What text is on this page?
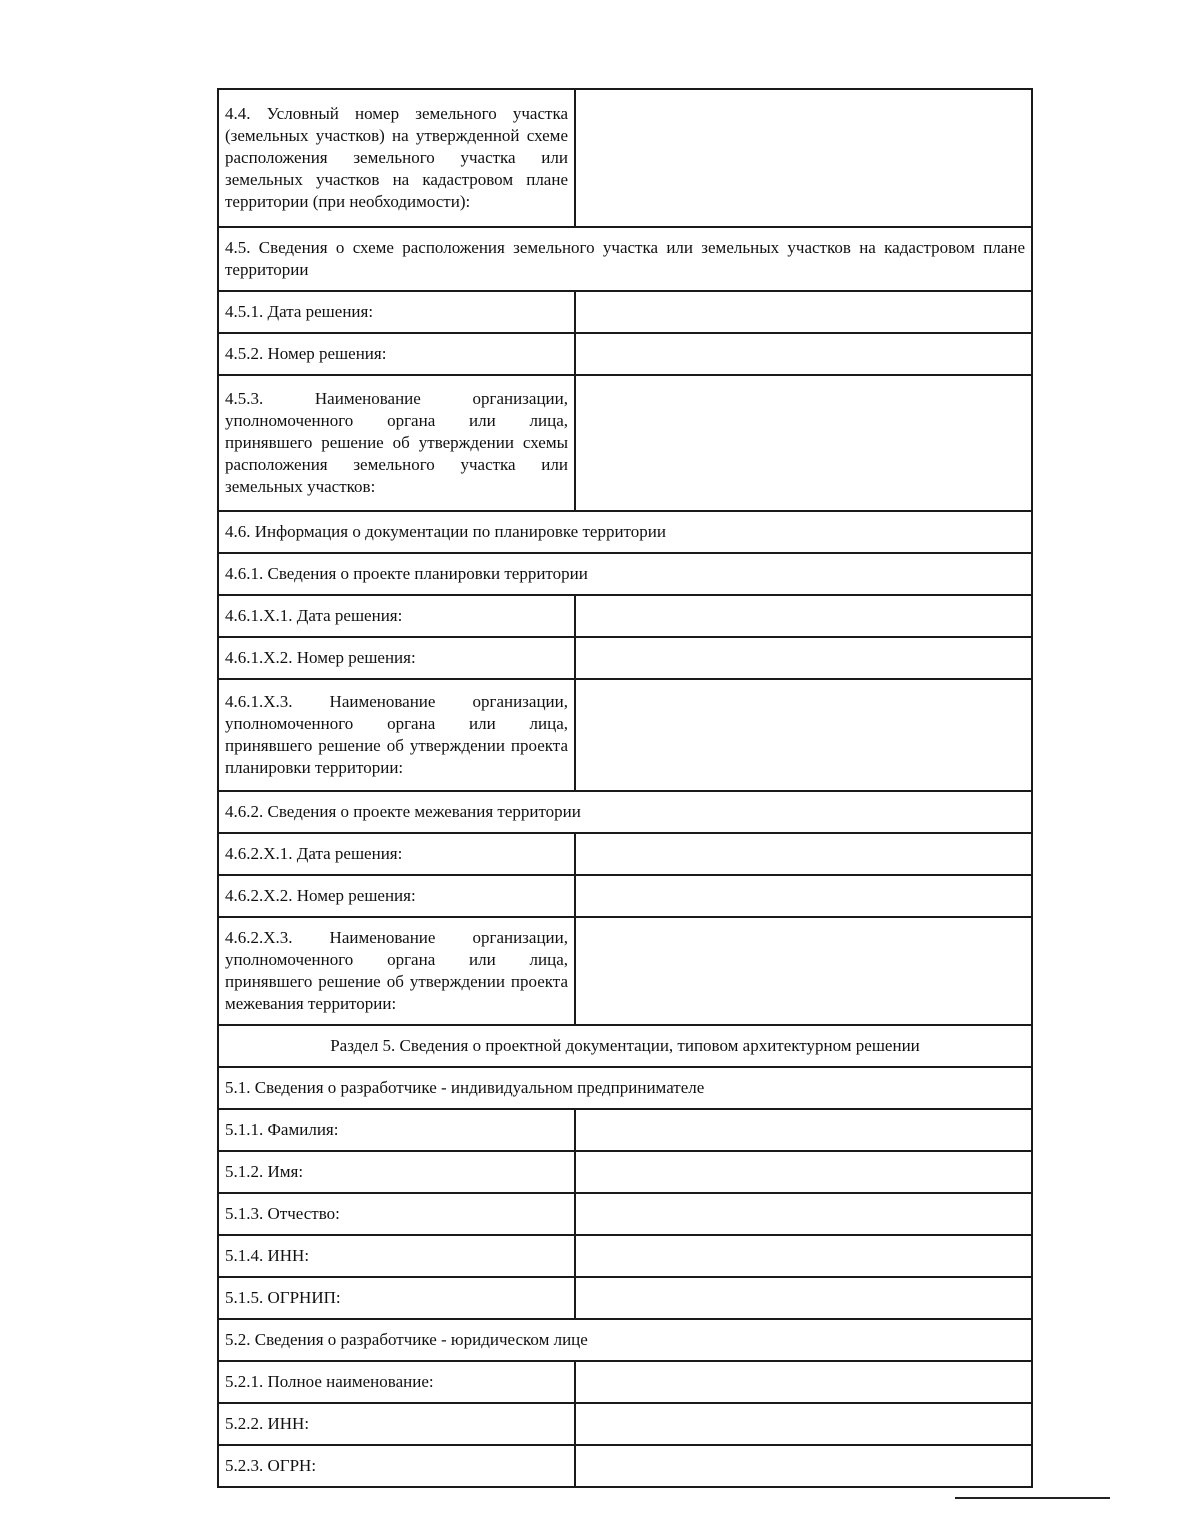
4.4. Условный номер земельного участка (земельных участков) на утвержденной схеме расположения земельного участка или земельных участков на кадастровом плане территории (при необходимости):	
4.5. Сведения о схеме расположения земельного участка или земельных участков на кадастровом плане территории	
4.5.1. Дата решения:	
4.5.2. Номер решения:	
4.5.3. Наименование организации, уполномоченного органа или лица, принявшего решение об утверждении схемы расположения земельного участка или земельных участков:	
4.6. Информация о документации по планировке территории	
4.6.1. Сведения о проекте планировки территории	
4.6.1.X.1. Дата решения:	
4.6.1.X.2. Номер решения:	
4.6.1.X.3. Наименование организации, уполномоченного органа или лица, принявшего решение об утверждении проекта планировки территории:	
4.6.2. Сведения о проекте межевания территории	
4.6.2.X.1. Дата решения:	
4.6.2.X.2. Номер решения:	
4.6.2.X.3. Наименование организации, уполномоченного органа или лица, принявшего решение об утверждении проекта межевания территории:	
Раздел 5. Сведения о проектной документации, типовом архитектурном решении	
5.1. Сведения о разработчике - индивидуальном предпринимателе	
5.1.1. Фамилия:	
5.1.2. Имя:	
5.1.3. Отчество:	
5.1.4. ИНН:	
5.1.5. ОГРНИП:	
5.2. Сведения о разработчике - юридическом лице	
5.2.1. Полное наименование:	
5.2.2. ИНН:	
5.2.3. ОГРН:	
